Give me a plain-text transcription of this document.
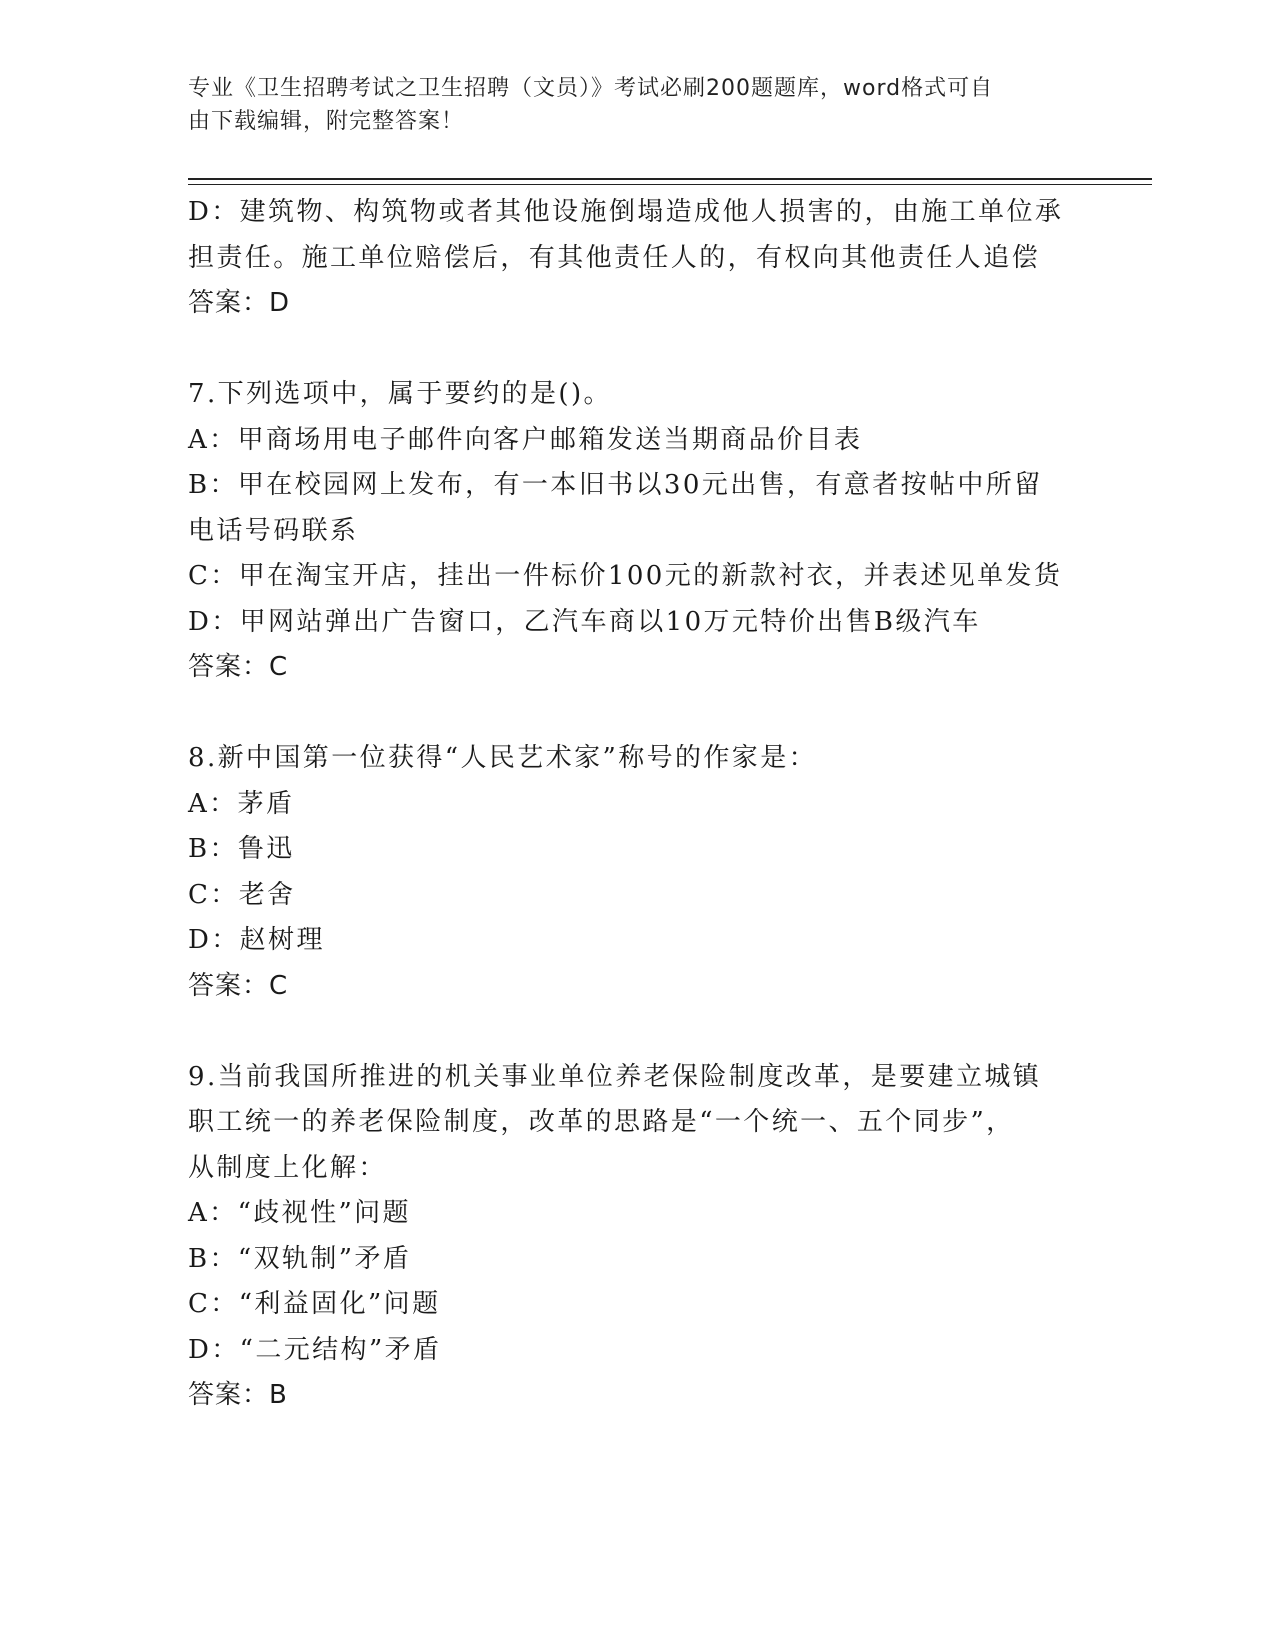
专业《卫生招聘考试之卫生招聘（文员）》考试必刷200题题库，word格式可自
由下载编辑，附完整答案！

D：建筑物、构筑物或者其他设施倒塌造成他人损害的，由施工单位承

担责任。施工单位赔偿后，有其他责任人的，有权向其他责任人追偿

答案：D

7.下列选项中，属于要约的是()。

A：甲商场用电子邮件向客户邮箱发送当期商品价目表

B：甲在校园网上发布，有一本旧书以30元出售，有意者按帖中所留

电话号码联系

C：甲在淘宝开店，挂出一件标价100元的新款衬衣，并表述见单发货

D：甲网站弹出广告窗口，乙汽车商以10万元特价出售B级汽车

答案：C

8.新中国第一位获得“人民艺术家”称号的作家是：

A：茅盾

B：鲁迅

C：老舍

D：赵树理

答案：C

9.当前我国所推进的机关事业单位养老保险制度改革，是要建立城镇

职工统一的养老保险制度，改革的思路是“一个统一、五个同步”，

从制度上化解：

A：“歧视性”问题

B：“双轨制”矛盾

C：“利益固化”问题

D：“二元结构”矛盾

答案：B
